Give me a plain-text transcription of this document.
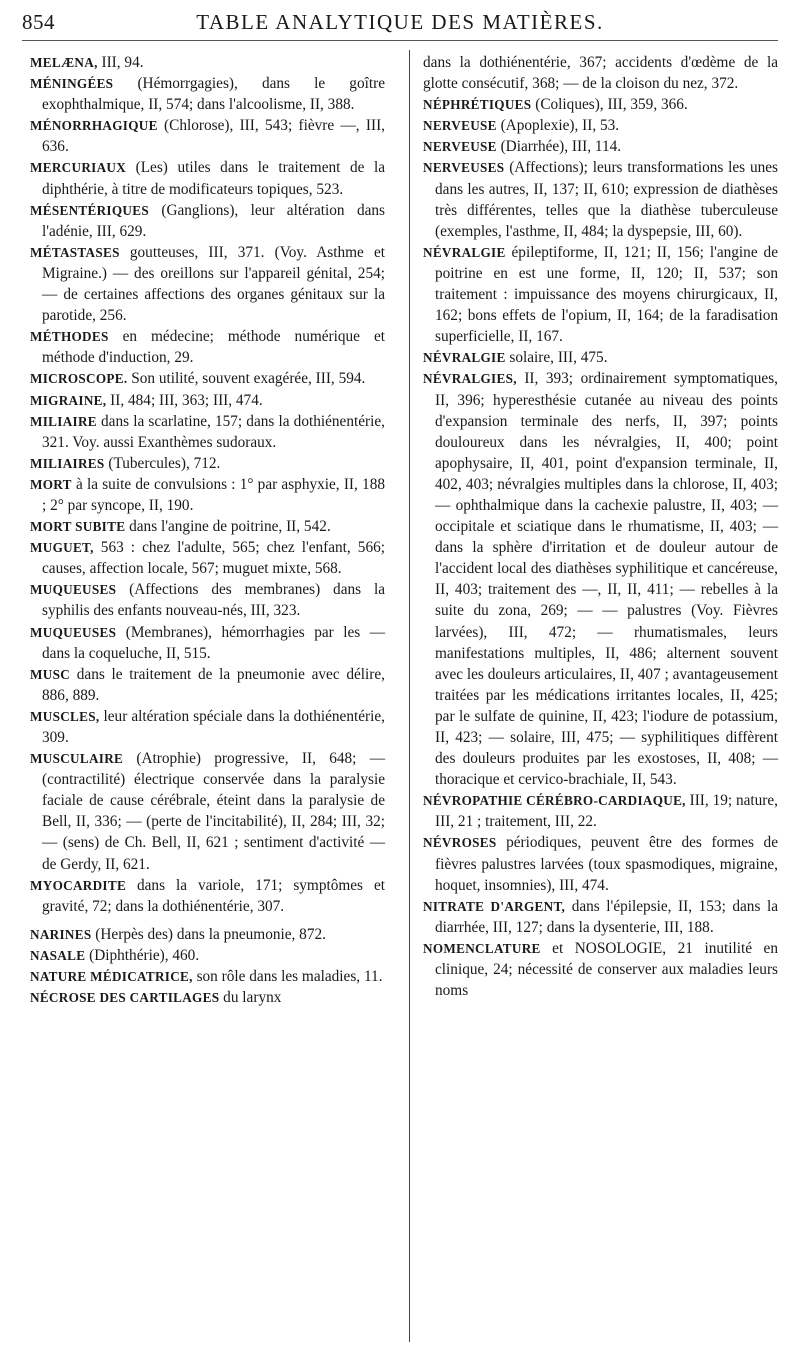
854	TABLE ANALYTIQUE DES MATIÈRES.

MELÆNA, III, 94.

MÉNINGÉES (Hémorrgagies), dans le goître exophthalmique, II, 574; dans l'alcoolisme, II, 388.

MÉNORRHAGIQUE (Chlorose), III, 543; fièvre —, III, 636.

MERCURIAUX (Les) utiles dans le traitement de la diphthérie, à titre de modificateurs topiques, 523.

MÉSENTÉRIQUES (Ganglions), leur altération dans l'adénie, III, 629.

MÉTASTASES goutteuses, III, 371. (Voy. Asthme et Migraine.) — des oreillons sur l'appareil génital, 254; — de certaines affections des organes génitaux sur la parotide, 256.

MÉTHODES en médecine; méthode numérique et méthode d'induction, 29.

MICROSCOPE. Son utilité, souvent exagérée, III, 594.

MIGRAINE, II, 484; III, 363; III, 474.

MILIAIRE dans la scarlatine, 157; dans la dothiénentérie, 321. Voy. aussi Exanthèmes sudoraux.

MILIAIRES (Tubercules), 712.

MORT à la suite de convulsions : 1° par asphyxie, II, 188 ; 2° par syncope, II, 190.

MORT SUBITE dans l'angine de poitrine, II, 542.

MUGUET, 563 : chez l'adulte, 565; chez l'enfant, 566; causes, affection locale, 567; muguet mixte, 568.

MUQUEUSES (Affections des membranes) dans la syphilis des enfants nouveau-nés, III, 323.

MUQUEUSES (Membranes), hémorrhagies par les — dans la coqueluche, II, 515.

MUSC dans le traitement de la pneumonie avec délire, 886, 889.

MUSCLES, leur altération spéciale dans la dothiénentérie, 309.

MUSCULAIRE (Atrophie) progressive, II, 648; — (contractilité) électrique conservée dans la paralysie faciale de cause cérébrale, éteint dans la paralysie de Bell, II, 336; — (perte de l'incitabilité), II, 284; III, 32; — (sens) de Ch. Bell, II, 621 ; sentiment d'activité — de Gerdy, II, 621.

MYOCARDITE dans la variole, 171; symptômes et gravité, 72; dans la dothiénentérie, 307.

NARINES (Herpès des) dans la pneumonie, 872.

NASALE (Diphthérie), 460.

NATURE MÉDICATRICE, son rôle dans les maladies, 11.

NÉCROSE DES CARTILAGES du larynx

dans la dothiénentérie, 367; accidents d'œdème de la glotte consécutif, 368; — de la cloison du nez, 372.

NÉPHRÉTIQUES (Coliques), III, 359, 366.

NERVEUSE (Apoplexie), II, 53.

NERVEUSE (Diarrhée), III, 114.

NERVEUSES (Affections); leurs transformations les unes dans les autres, II, 137; II, 610; expression de diathèses très différentes, telles que la diathèse tuberculeuse (exemples, l'asthme, II, 484; la dyspepsie, III, 60).

NÉVRALGIE épileptiforme, II, 121; II, 156; l'angine de poitrine en est une forme, II, 120; II, 537; son traitement : impuissance des moyens chirurgicaux, II, 162; bons effets de l'opium, II, 164; de la faradisation superficielle, II, 167.

NÉVRALGIE solaire, III, 475.

NÉVRALGIES, II, 393; ordinairement symptomatiques, II, 396; hyperesthésie cutanée au niveau des points d'expansion terminale des nerfs, II, 397; points douloureux dans les névralgies, II, 400; point apophysaire, II, 401, point d'expansion terminale, II, 402, 403; névralgies multiples dans la chlorose, II, 403; — ophthalmique dans la cachexie palustre, II, 403; — occipitale et sciatique dans le rhumatisme, II, 403; — dans la sphère d'irritation et de douleur autour de l'accident local des diathèses syphilitique et cancéreuse, II, 403; traitement des —, II, II, 411; — rebelles à la suite du zona, 269; — — palustres (Voy. Fièvres larvées), III, 472; — rhumatismales, leurs manifestations multiples, II, 486; alternent souvent avec les douleurs articulaires, II, 407 ; avantageusement traitées par les médications irritantes locales, II, 425; par le sulfate de quinine, II, 423; l'iodure de potassium, II, 423; — solaire, III, 475; — syphilitiques diffèrent des douleurs produites par les exostoses, II, 408; — thoracique et cervico-brachiale, II, 543.

NÉVROPATHIE CÉRÉBRO-CARDIAQUE, III, 19; nature, III, 21 ; traitement, III, 22.

NÉVROSES périodiques, peuvent être des formes de fièvres palustres larvées (toux spasmodiques, migraine, hoquet, insomnies), III, 474.

NITRATE D'ARGENT, dans l'épilepsie, II, 153; dans la diarrhée, III, 127; dans la dysenterie, III, 188.

NOMENCLATURE et NOSOLOGIE, 21 inutilité en clinique, 24; nécessité de conserver aux maladies leurs noms
